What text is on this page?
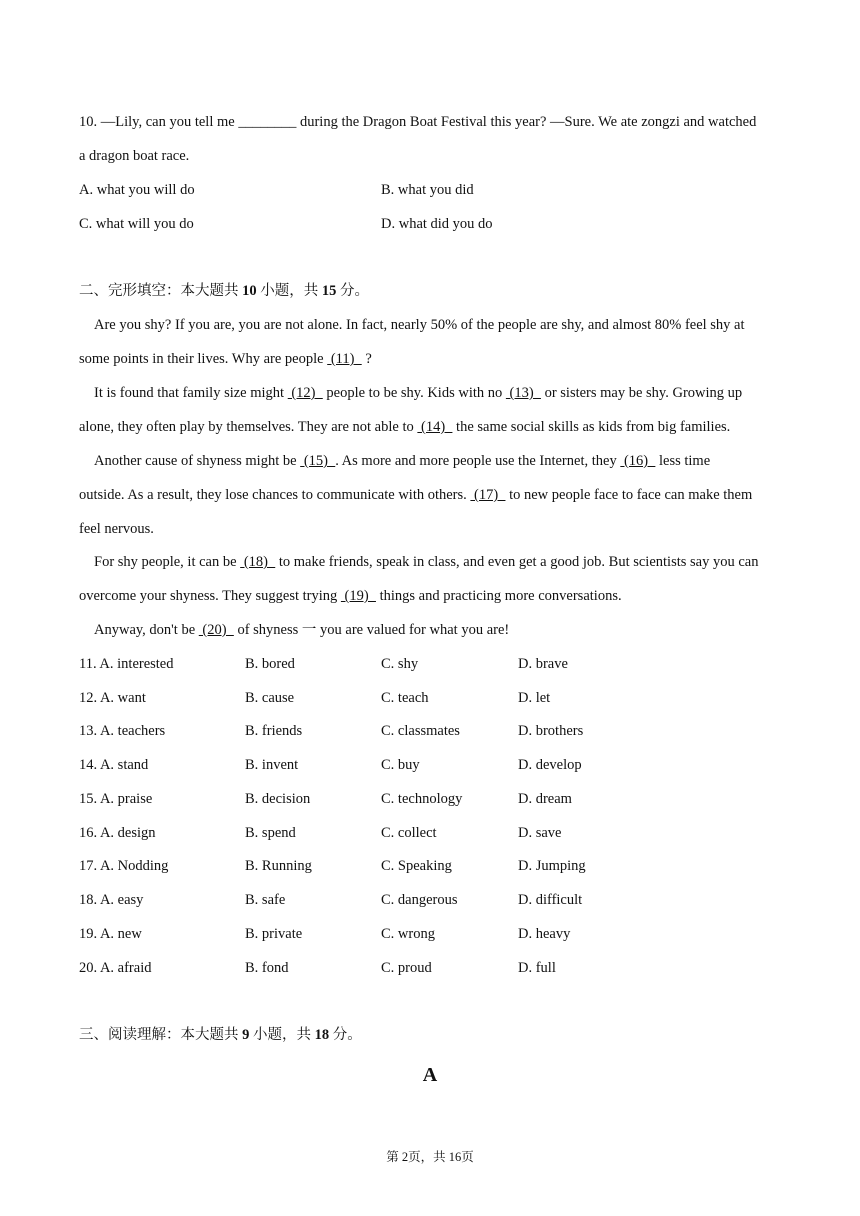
10. —Lily, can you tell me ________ during the Dragon Boat Festival this year? —Sure. We ate zongzi and watched
a dragon boat race.
A. what you will do	B. what you did
C. what will you do	D. what did you do
二、完形填空：本大题共 10 小题，共 15 分。
Are you shy? If you are, you are not alone. In fact, nearly 50% of the people are shy, and almost 80% feel shy at
some points in their lives. Why are people  (11)   ?
It is found that family size might  (12)   people to be shy. Kids with no  (13)   or sisters may be shy. Growing up
alone, they often play by themselves. They are not able to  (14)   the same social skills as kids from big families.
Another cause of shyness might be  (15)  . As more and more people use the Internet, they  (16)   less time
outside. As a result, they lose chances to communicate with others.  (17)   to new people face to face can make them
feel nervous.
For shy people, it can be  (18)   to make friends, speak in class, and even get a good job. But scientists say you can
overcome your shyness. They suggest trying  (19)   things and practicing more conversations.
Anyway, don't be  (20)   of shyness 一 you are valued for what you are!
11. A. interested	B. bored	C. shy	D. brave
12. A. want	B. cause	C. teach	D. let
13. A. teachers	B. friends	C. classmates	D. brothers
14. A. stand	B. invent	C. buy	D. develop
15. A. praise	B. decision	C. technology	D. dream
16. A. design	B. spend	C. collect	D. save
17. A. Nodding	B. Running	C. Speaking	D. Jumping
18. A. easy	B. safe	C. dangerous	D. difficult
19. A. new	B. private	C. wrong	D. heavy
20. A. afraid	B. fond	C. proud	D. full
三、阅读理解：本大题共 9 小题，共 18 分。
A
第 2页，共 16页
